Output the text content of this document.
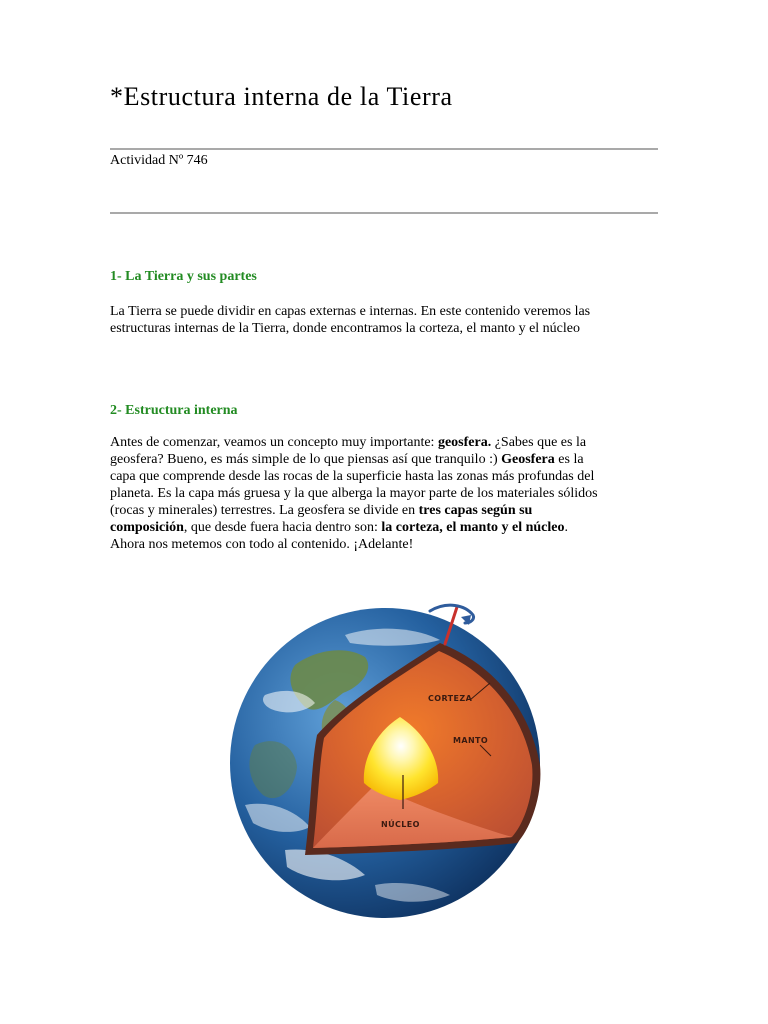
*Estructura interna de la Tierra
Actividad Nº 746
1- La Tierra y sus partes

La Tierra se puede dividir en capas externas e internas. En este contenido veremos las
estructuras internas de la Tierra, donde encontramos la corteza, el manto y el núcleo

2- Estructura interna

Antes de comenzar, veamos un concepto muy importante: geosfera. ¿Sabes que es la
geosfera? Bueno, es más simple de lo que piensas así que tranquilo :) Geosfera es la
capa que comprende desde las rocas de la superficie hasta las zonas más profundas del
planeta. Es la capa más gruesa y la que alberga la mayor parte de los materiales sólidos
(rocas y minerales) terrestres. La geosfera se divide en tres capas según su
composición, que desde fuera hacia dentro son: la corteza, el manto y el núcleo.
Ahora nos metemos con todo al contenido. ¡Adelante!

CORTEZA
MANTO
NÚCLEO
